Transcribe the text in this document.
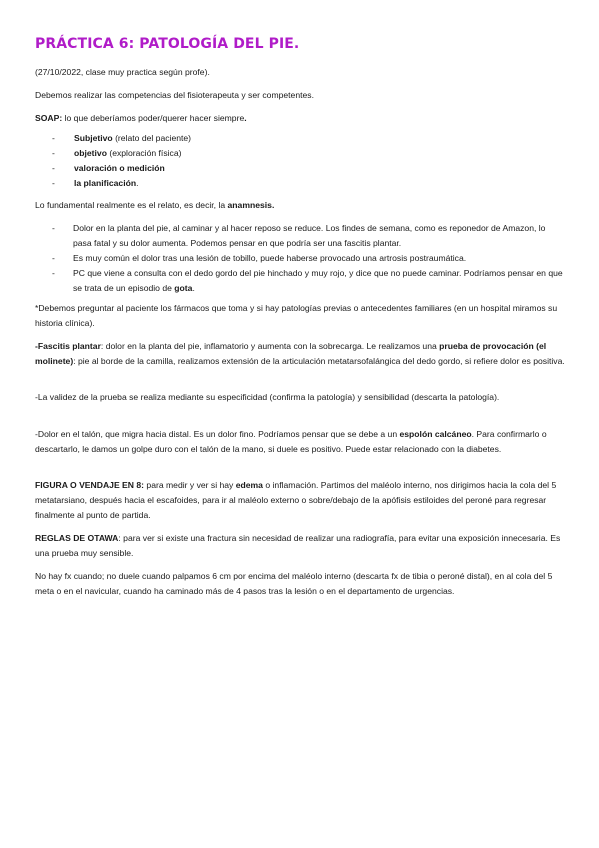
PRÁCTICA 6: PATOLOGÍA DEL PIE.

(27/10/2022, clase muy practica según profe).

Debemos realizar las competencias del fisioterapeuta y ser competentes.

SOAP: lo que deberíamos poder/querer hacer siempre.

- Subjetivo (relato del paciente)
- objetivo (exploración física)
- valoración o medición
- la planificación.

Lo fundamental realmente es el relato, es decir, la anamnesis.

- Dolor en la planta del pie, al caminar y al hacer reposo se reduce. Los findes de semana, como es reponedor de Amazon, lo pasa fatal y su dolor aumenta. Podemos pensar en que podría ser una fascitis plantar.
- Es muy común el dolor tras una lesión de tobillo, puede haberse provocado una artrosis postraumática.
- PC que viene a consulta con el dedo gordo del pie hinchado y muy rojo, y dice que no puede caminar. Podríamos pensar en que se trata de un episodio de gota.

*Debemos preguntar al paciente los fármacos que toma y si hay patologías previas o antecedentes familiares (en un hospital miramos su historia clínica).

-Fascitis plantar: dolor en la planta del pie, inflamatorio y aumenta con la sobrecarga. Le realizamos una prueba de provocación (el molinete): pie al borde de la camilla, realizamos extensión de la articulación metatarsofalángica del dedo gordo, si refiere dolor es positiva.

-La validez de la prueba se realiza mediante su especificidad (confirma la patología) y sensibilidad (descarta la patología).

-Dolor en el talón, que migra hacia distal. Es un dolor fino. Podríamos pensar que se debe a un espolón calcáneo. Para confirmarlo o descartarlo, le damos un golpe duro con el talón de la mano, si duele es positivo. Puede estar relacionado con la diabetes.

FIGURA O VENDAJE EN 8: para medir y ver si hay edema o inflamación. Partimos del maléolo interno, nos dirigimos hacia la cola del 5 metatarsiano, después hacia el escafoides, para ir al maléolo externo o sobre/debajo de la apófisis estiloides del peroné para regresar finalmente al punto de partida.

REGLAS DE OTAWA: para ver si existe una fractura sin necesidad de realizar una radiografía, para evitar una exposición innecesaria. Es una prueba muy sensible.

No hay fx cuando; no duele cuando palpamos 6 cm por encima del maléolo interno (descarta fx de tibia o peroné distal), en al cola del 5 meta o en el navicular, cuando ha caminado más de 4 pasos tras la lesión o en el departamento de urgencias.
